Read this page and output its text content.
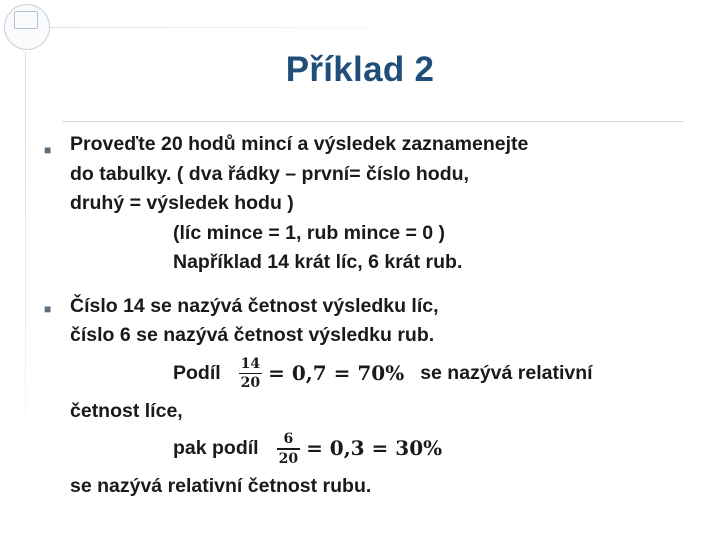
Příklad 2
■ Proveďte 20 hodů mincí a výsledek zaznamenejte
do tabulky. ( dva řádky – první= číslo hodu,
druhý = výsledek hodu )
(líc mince = 1, rub mince = 0 )
Například 14 krát líc, 6 krát rub.
■ Číslo 14 se nazývá četnost výsledku líc,
číslo 6 se nazývá četnost výsledku rub.
Podíl $\frac{14}{20} = 0,7 = 70\%$ se nazývá relativní
četnost líce,
pak podíl $\frac{6}{20} = 0,3 = 30\%$
se nazývá relativní četnost rubu.
